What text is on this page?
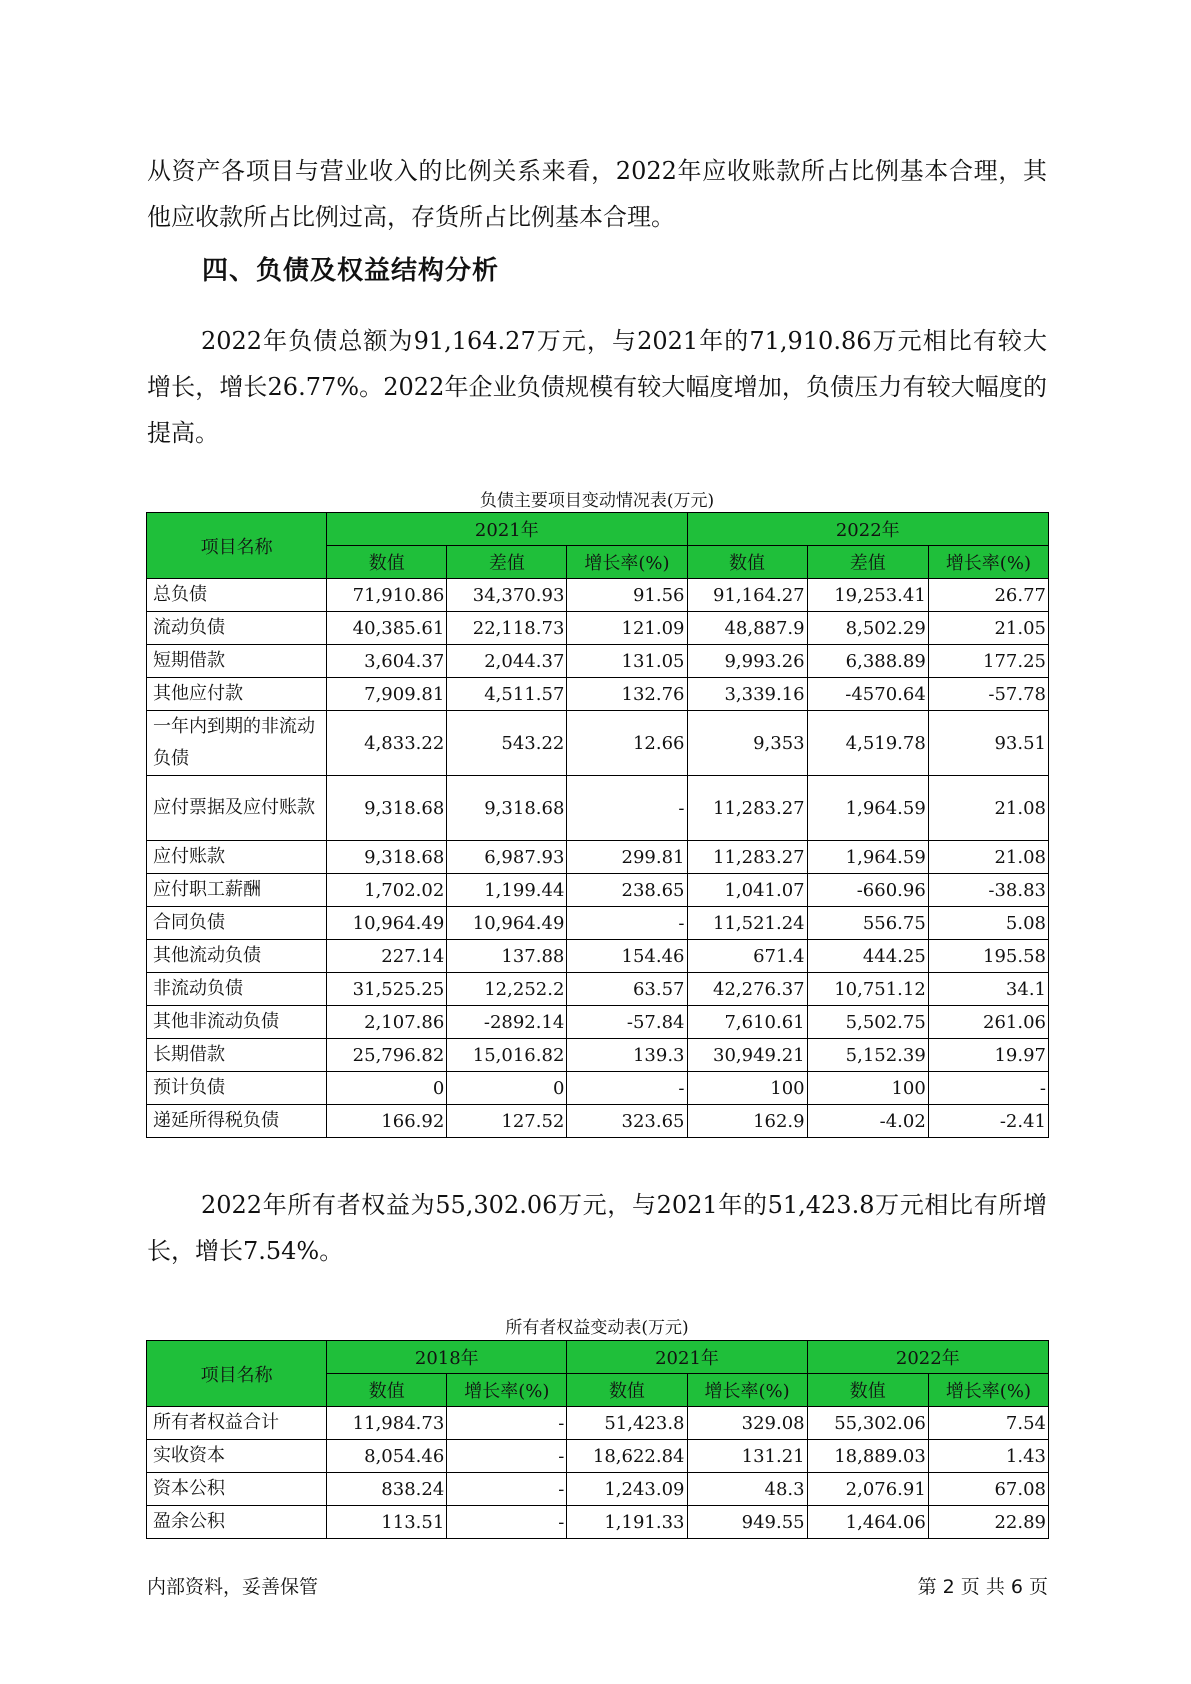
从资产各项目与营业收入的比例关系来看，2022年应收账款所占比例基本合理，其他应收款所占比例过高，存货所占比例基本合理。

四、负债及权益结构分析

2022年负债总额为91,164.27万元，与2021年的71,910.86万元相比有较大增长，增长26.77%。2022年企业负债规模有较大幅度增加，负债压力有较大幅度的提高。

负债主要项目变动情况表(万元)

项目名称	2021年			2022年		
	数值	差值	增长率(%)	数值	差值	增长率(%)
总负债	71,910.86	34,370.93	91.56	91,164.27	19,253.41	26.77
流动负债	40,385.61	22,118.73	121.09	48,887.9	8,502.29	21.05
短期借款	3,604.37	2,044.37	131.05	9,993.26	6,388.89	177.25
其他应付款	7,909.81	4,511.57	132.76	3,339.16	-4570.64	-57.78
一年内到期的非流动负债	4,833.22	543.22	12.66	9,353	4,519.78	93.51
应付票据及应付账款	9,318.68	9,318.68	-	11,283.27	1,964.59	21.08
应付账款	9,318.68	6,987.93	299.81	11,283.27	1,964.59	21.08
应付职工薪酬	1,702.02	1,199.44	238.65	1,041.07	-660.96	-38.83
合同负债	10,964.49	10,964.49	-	11,521.24	556.75	5.08
其他流动负债	227.14	137.88	154.46	671.4	444.25	195.58
非流动负债	31,525.25	12,252.2	63.57	42,276.37	10,751.12	34.1
其他非流动负债	2,107.86	-2892.14	-57.84	7,610.61	5,502.75	261.06
长期借款	25,796.82	15,016.82	139.3	30,949.21	5,152.39	19.97
预计负债	0	0	-	100	100	-
递延所得税负债	166.92	127.52	323.65	162.9	-4.02	-2.41

2022年所有者权益为55,302.06万元，与2021年的51,423.8万元相比有所增长，增长7.54%。

所有者权益变动表(万元)

项目名称	2018年		2021年		2022年	
	数值	增长率(%)	数值	增长率(%)	数值	增长率(%)
所有者权益合计	11,984.73	-	51,423.8	329.08	55,302.06	7.54
实收资本	8,054.46	-	18,622.84	131.21	18,889.03	1.43
资本公积	838.24	-	1,243.09	48.3	2,076.91	67.08
盈余公积	113.51	-	1,191.33	949.55	1,464.06	22.89

内部资料，妥善保管	第 2 页 共 6 页
